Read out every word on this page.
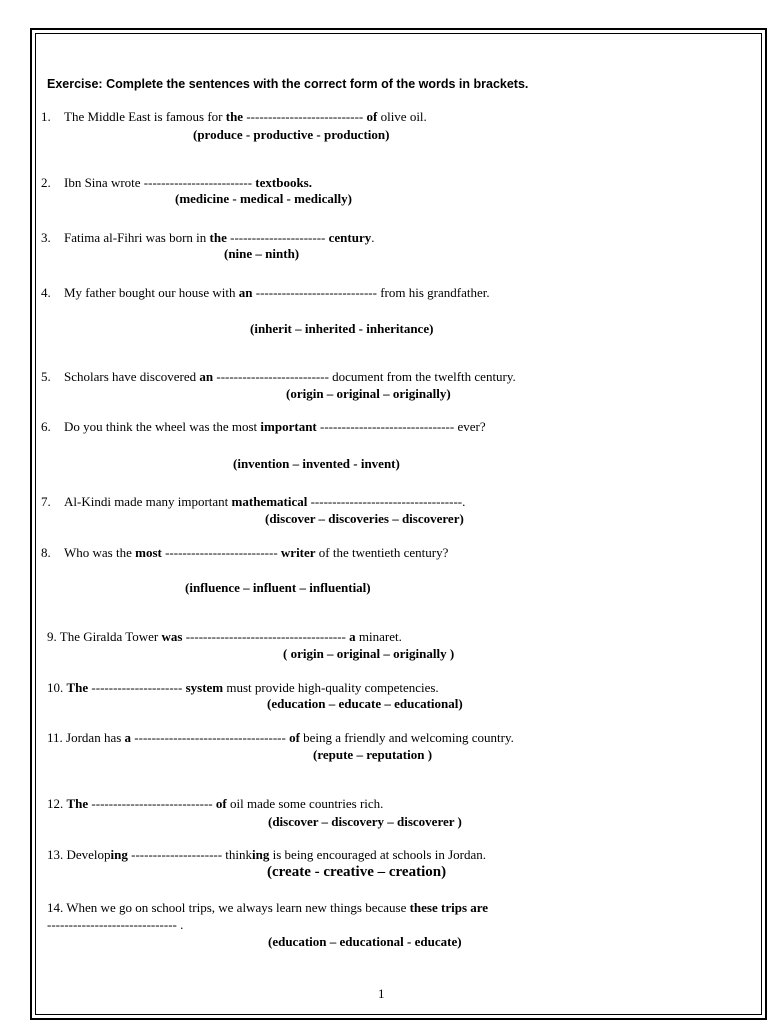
Exercise: Complete the sentences with the correct form of the words in brackets.
1. The Middle East is famous for the --------------------------- of olive oil.
(produce - productive - production)
2. Ibn Sina wrote ------------------------- textbooks.
(medicine - medical - medically)
3. Fatima al-Fihri was born in the ---------------------- century.
(nine – ninth)
4. My father bought our house with an ---------------------------- from his grandfather.
(inherit – inherited - inheritance)
5. Scholars have discovered an -------------------------- document from the twelfth century.
(origin – original – originally)
6. Do you think the wheel was the most important ------------------------------- ever?
(invention – invented - invent)
7. Al-Kindi made many important mathematical -----------------------------------.
(discover – discoveries – discoverer)
8. Who was the most -------------------------- writer of the twentieth century?
(influence – influent – influential)
9. The Giralda Tower was ------------------------------------- a minaret.
( origin – original – originally )
10. The --------------------- system must provide high-quality competencies.
(education – educate – educational)
11. Jordan has a ----------------------------------- of being a friendly and welcoming country.
(repute – reputation )
12. The ---------------------------- of oil made some countries rich.
(discover – discovery – discoverer )
13. Developing --------------------- thinking is being encouraged at schools in Jordan.
(create - creative – creation)
14. When we go on school trips, we always learn new things because these trips are
------------------------------ .
(education – educational - educate)
1
